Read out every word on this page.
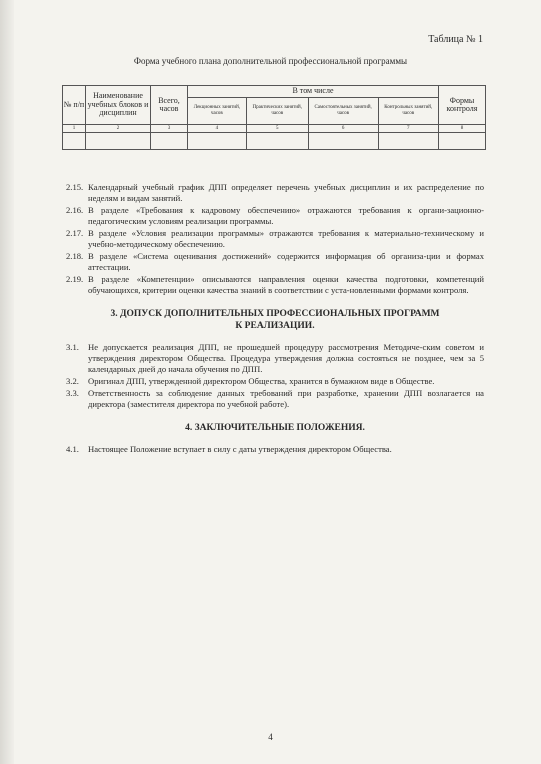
Таблица № 1
Форма учебного плана дополнительной профессиональной программы
№ п/п	Наименование учебных блоков и дисциплин	Всего, часов	В том числе				Формы контроля
			Лекционных занятий, часов	Практических занятий, часов	Самостоятельных занятий, часов	Контрольных занятий, часов	
1	2	3	4	5	6	7	8

2.15. Календарный учебный график ДПП определяет перечень учебных дисциплин и их распределение по неделям и видам занятий.
2.16. В разделе «Требования к кадровому обеспечению» отражаются требования к органи-зационно-педагогическим условиям реализации программы.
2.17. В разделе «Условия реализации программы» отражаются требования к материально-техническому и учебно-методическому обеспечению.
2.18. В разделе «Система оценивания достижений» содержится информация об организа-ции и формах аттестации.
2.19. В разделе «Компетенции» описываются направления оценки качества подготовки, компетенций обучающихся, критерии оценки качества знаний в соответствии с уста-новленными формами контроля.
3. ДОПУСК ДОПОЛНИТЕЛЬНЫХ ПРОФЕССИОНАЛЬНЫХ ПРОГРАММ
К РЕАЛИЗАЦИИ.
3.1.	Не допускается реализация ДПП, не прошедшей процедуру рассмотрения Методиче-ским советом и утверждения директором Общества. Процедура утверждения должна состояться не позднее, чем за 5 календарных дней до начала обучения по ДПП.
3.2.	Оригинал ДПП, утвержденной директором Общества, хранится в бумажном виде в Обществе.
3.3.	Ответственность за соблюдение данных требований при разработке, хранении ДПП возлагается на директора (заместителя директора по учебной работе).
4. ЗАКЛЮЧИТЕЛЬНЫЕ ПОЛОЖЕНИЯ.
4.1.	Настоящее Положение вступает в силу с даты утверждения директором Общества.
4
